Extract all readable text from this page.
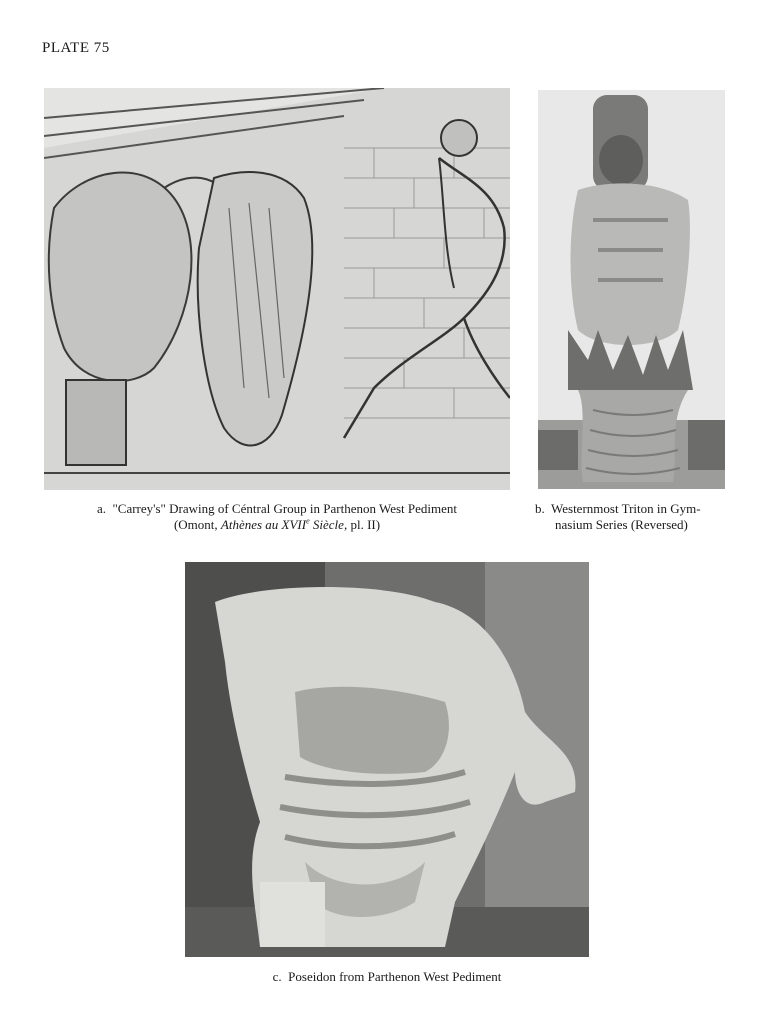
PLATE 75
a. "Carrey's" Drawing of Céntral Group in Parthenon West Pediment
(Omont, Athènes au XVIIe Siècle, pl. II)
b. Westernmost Triton in Gym-
nasium Series (Reversed)
c. Poseidon from Parthenon West Pediment
